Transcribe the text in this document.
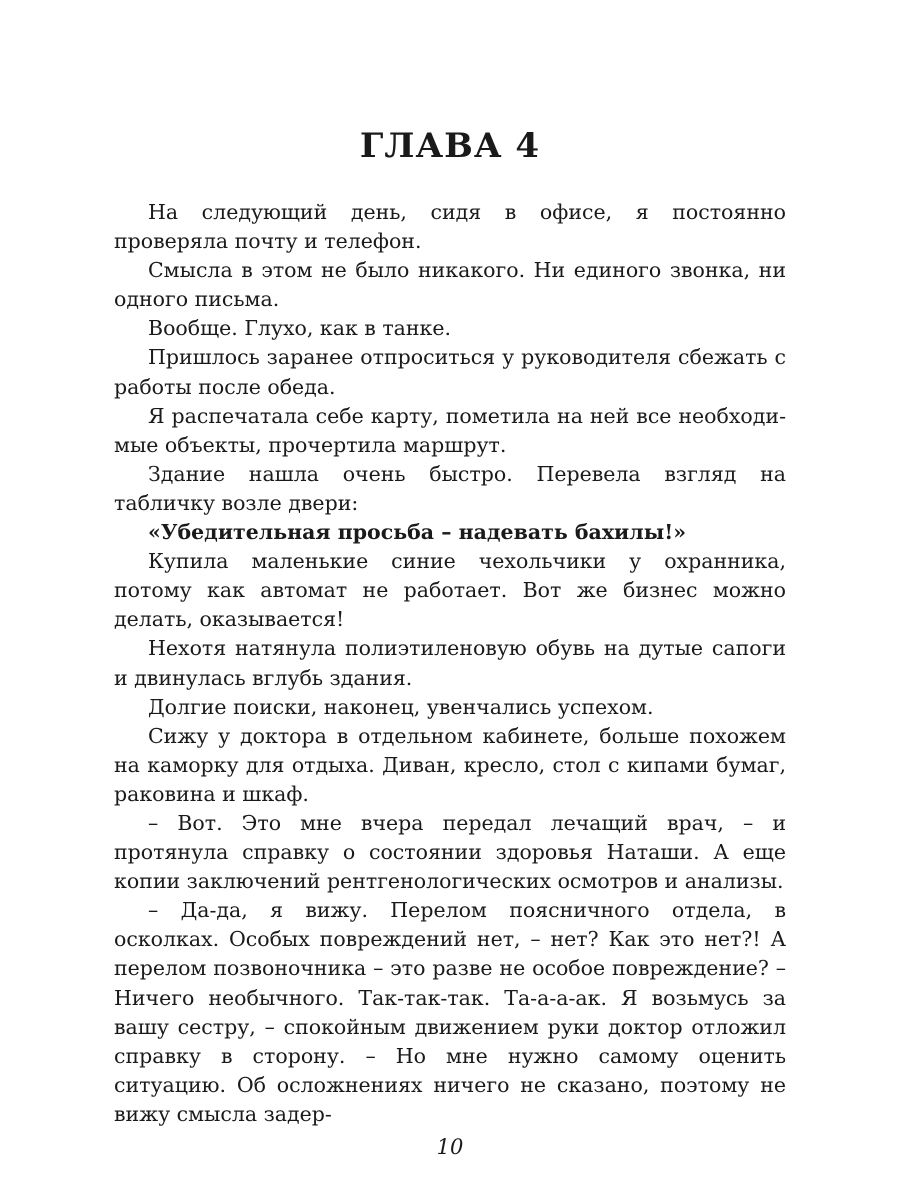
ГЛАВА 4

На следующий день, сидя в офисе, я постоянно проверяла почту и телефон.

Смысла в этом не было никакого. Ни единого звонка, ни одного письма.

Вообще. Глухо, как в танке.

Пришлось заранее отпроситься у руководителя сбежать с работы после обеда.

Я распечатала себе карту, пометила на ней все необходимые объекты, прочертила маршрут.

Здание нашла очень быстро. Перевела взгляд на табличку возле двери:

«Убедительная просьба – надевать бахилы!»

Купила маленькие синие чехольчики у охранника, потому как автомат не работает. Вот же бизнес можно делать, оказывается!

Нехотя натянула полиэтиленовую обувь на дутые сапоги и двинулась вглубь здания.

Долгие поиски, наконец, увенчались успехом.

Сижу у доктора в отдельном кабинете, больше похожем на каморку для отдыха. Диван, кресло, стол с кипами бумаг, раковина и шкаф.

– Вот. Это мне вчера передал лечащий врач, – и протянула справку о состоянии здоровья Наташи. А еще копии заключений рентгенологических осмотров и анализы.

– Да-да, я вижу. Перелом поясничного отдела, в осколках. Особых повреждений нет, – нет? Как это нет?! А перелом позвоночника – это разве не особое повреждение? – Ничего необычного. Так-так-так. Та-а-а-ак. Я возьмусь за вашу сестру, – спокойным движением руки доктор отложил справку в сторону. – Но мне нужно самому оценить ситуацию. Об осложнениях ничего не сказано, поэтому не вижу смысла задер-

10
